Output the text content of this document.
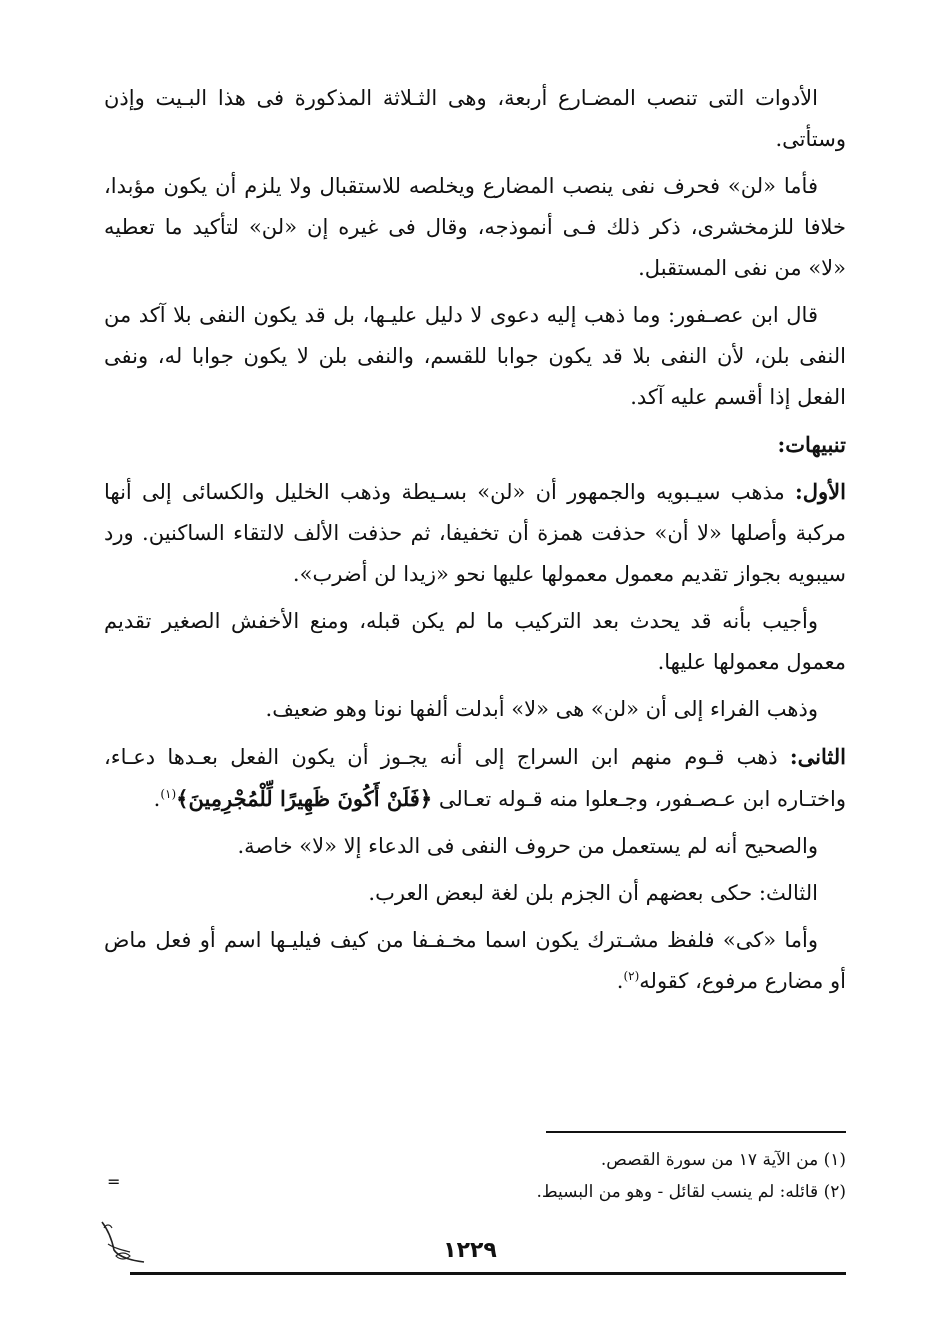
الأدوات التى تنصب المضـارع أربعة، وهى الثـلاثة المذكورة فى هذا البـيت وإذن وستأتى.

فأما «لن» فحرف نفى ينصب المضارع ويخلصه للاستقبال ولا يلزم أن يكون مؤبدا، خلافا للزمخشرى، ذكر ذلك فـى أنموذجه، وقال فى غيره إن «لن» لتأكيد ما تعطيه «لا» من نفى المستقبل.

قال ابن عصـفور: وما ذهب إليه دعوى لا دليل عليـها، بل قد يكون النفى بلا آكد من النفى بلن، لأن النفى بلا قد يكون جوابا للقسم، والنفى بلن لا يكون جوابا له، ونفى الفعل إذا أقسم عليه آكد.

تنبيهات:

الأول: مذهب سيـبويه والجمهور أن «لن» بسـيطة وذهب الخليل والكسائى إلى أنها مركبة وأصلها «لا أن» حذفت همزة أن تخفيفا، ثم حذفت الألف لالتقاء الساكنين. ورد سيبويه بجواز تقديم معمول معمولها عليها نحو «زيدا لن أضرب».

وأجيب بأنه قد يحدث بعد التركيب ما لم يكن قبله، ومنع الأخفش الصغير تقديم معمول معمولها عليها.

وذهب الفراء إلى أن «لن» هى «لا» أبدلت ألفها نونا وهو ضعيف.

الثانى: ذهب قـوم منهم ابن السراج إلى أنه يجـوز أن يكون الفعل بعـدها دعـاء، واختـاره ابن عـصـفور، وجـعلوا منه قـوله تعـالى ﴿فَلَنْ أَكُونَ ظَهِيرًا لِّلْمُجْرِمِينَ﴾$^{(١)}$.

والصحيح أنه لم يستعمل من حروف النفى فى الدعاء إلا «لا» خاصة.

الثالث: حكى بعضهم أن الجزم بلن لغة لبعض العرب.

وأما «كى» فلفظ مشـترك يكون اسما مخـفـفا من كيف فيليـها اسم أو فعل ماض أو مضارع مرفوع، كقوله$^{(٢)}$.

(١) من الآية ١٧ من سورة القصص.
(٢) قائله: لم ينسب لقائل - وهو من البسيط.
=
١٢٢٩
